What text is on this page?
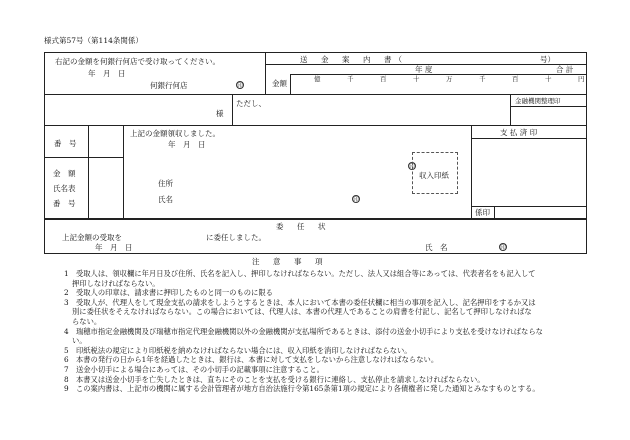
様式第57号（第114条関係）
右記の金額を何銀行何店で受け取ってください。
年　月　日
何銀行何店	印
送　金　案　内　書（	号）
年 度	合 計
金額	億	千	百	十	万	千	百	十	円
様
ただし、	金融機関整理印
番　号
金　額
氏名表
番　号
上記の金額領収しました。
年　月　日
住所
氏名	印
印
収入印紙
支 払 済 印
係印
委　任　状
上記金額の受取を	に委任しました。
年　月　日	氏　名	印
注　意　事　項
1　受取人は、領収欄に年月日及び住所、氏名を記入し、押印しなければならない。ただし、法人又は組合等にあっては、代表者名をも記入して
押印しなければならない。
2　受取人の印章は、請求書に押印したものと同一のものに限る
3　受取人が、代理人をして現金支払の請求をしようとするときは、本人において本書の委任状欄に相当の事項を記入し、記名押印をするか又は
別に委任状をそえなければならない。この場合においては、代理人は、本書の代理人であることの肩書を付記し、記名して押印しなければな
らない。
4　瑞穂市指定金融機関及び瑞穂市指定代理金融機関以外の金融機関が支払場所であるときは、添付の送金小切手により支払を受けなければならな
い。
5　印紙税法の規定により印紙税を納めなければならない場合には、収入印紙を消印しなければならない。
6　本書の発行の日から1年を経過したときは、銀行は、本書に対して支払をしないから注意しなければならない。
7　送金小切手による場合にあっては、その小切手の記載事項に注意すること。
8　本書又は送金小切手を亡失したときは、直ちにそのことを支払を受ける銀行に連絡し、支払停止を請求しなければならない。
9　この案内書は、上記市の機関に属する会計管理者が地方自治法施行令第165条第1項の規定により各債権者に発した通知とみなすものとする。
